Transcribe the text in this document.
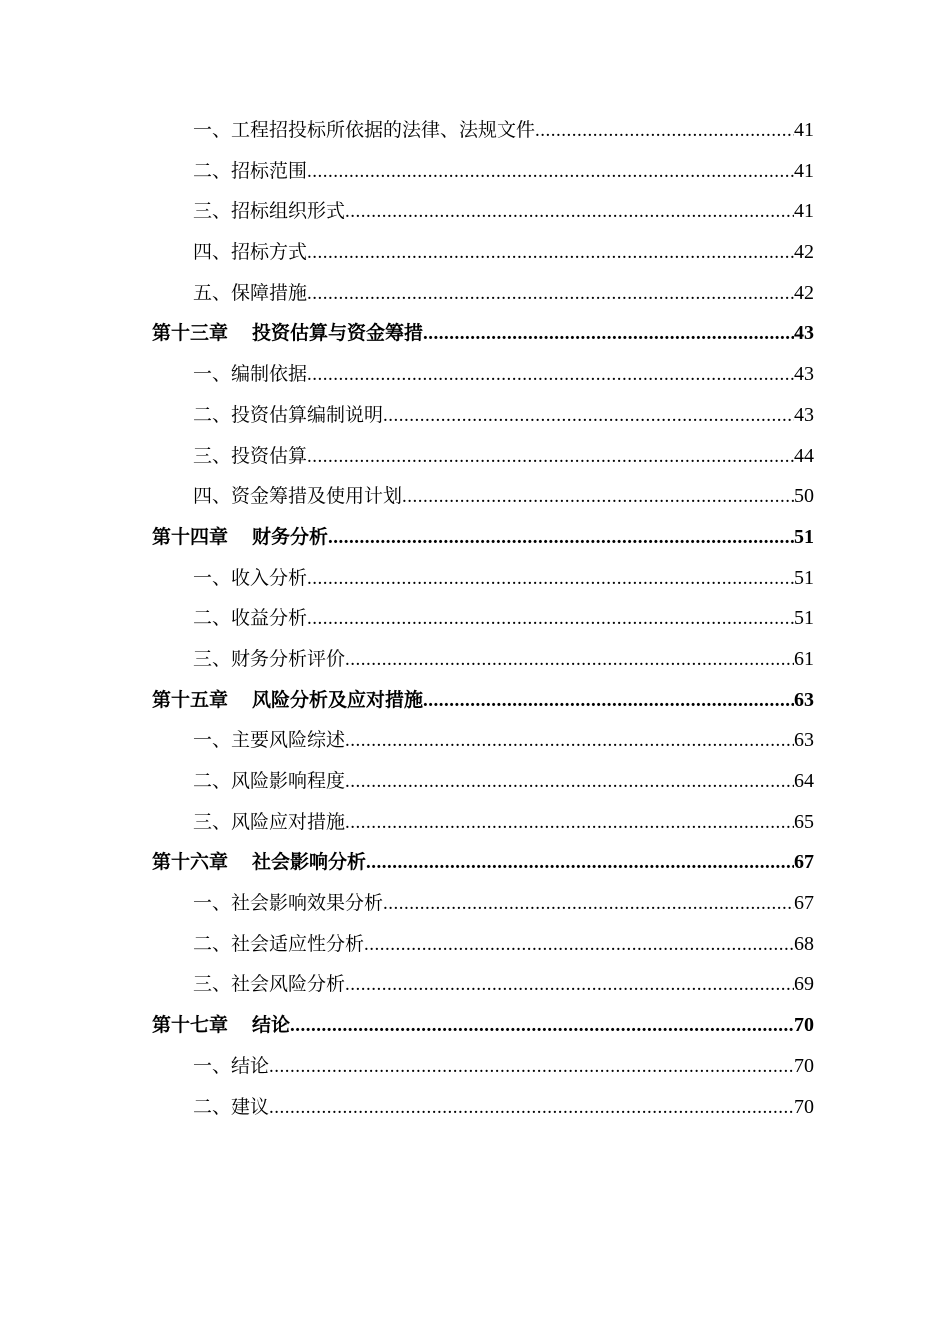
一、工程招投标所依据的法律、法规文件 .....	41
二、招标范围 .....	41
三、招标组织形式 .....	41
四、招标方式 .....	42
五、保障措施 .....	42
第十三章 投资估算与资金筹措 .....	43
一、编制依据 .....	43
二、投资估算编制说明 .....	43
三、投资估算 .....	44
四、资金筹措及使用计划 .....	50
第十四章 财务分析 .....	51
一、收入分析 .....	51
二、收益分析 .....	51
三、财务分析评价 .....	61
第十五章 风险分析及应对措施 .....	63
一、主要风险综述 .....	63
二、风险影响程度 .....	64
三、风险应对措施 .....	65
第十六章 社会影响分析 .....	67
一、社会影响效果分析 .....	67
二、社会适应性分析 .....	68
三、社会风险分析 .....	69
第十七章 结论 .....	70
一、结论 .....	70
二、建议 .....	70
